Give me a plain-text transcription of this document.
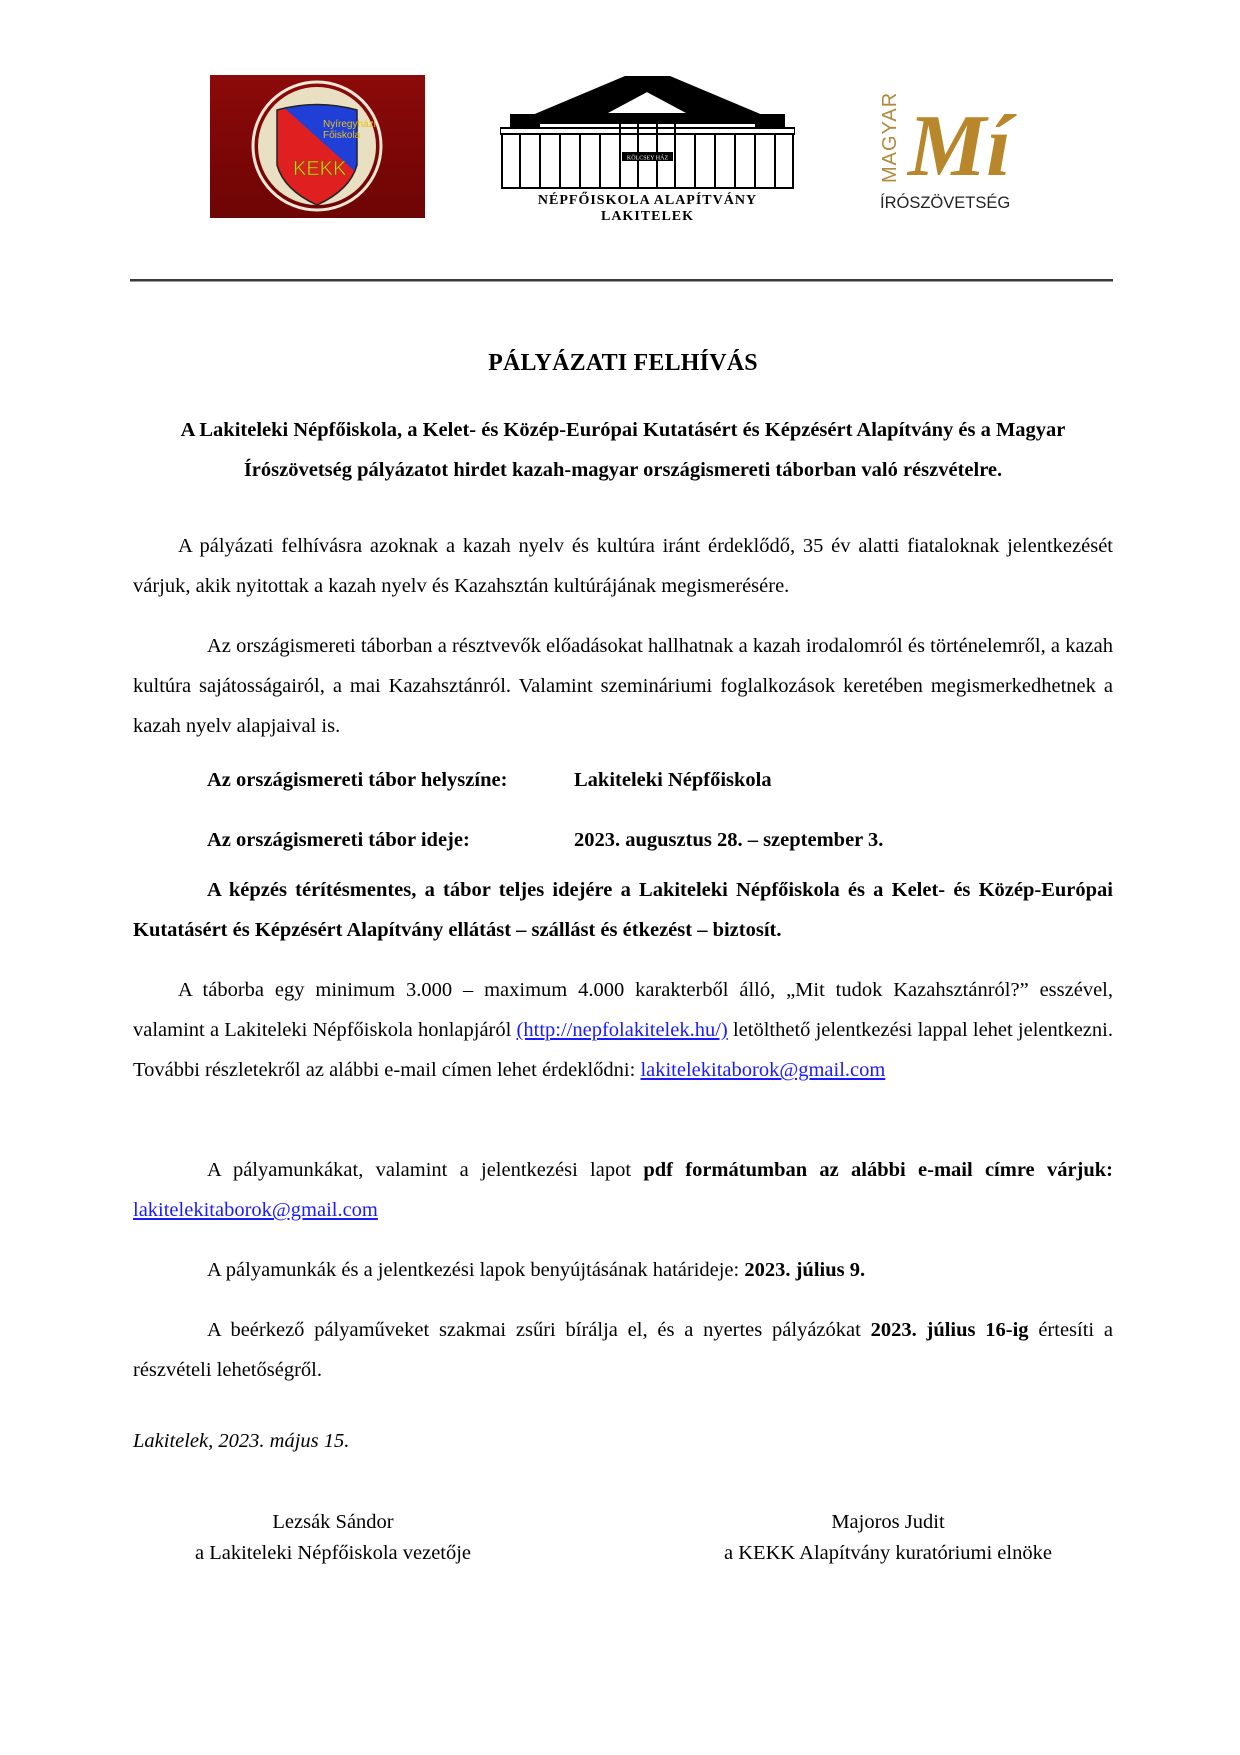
Nyíregyházi
Főiskola
KEKK	KÖLCSEY HÁZ
NÉPFŐISKOLA ALAPÍTVÁNY
LAKITELEK
MAGYAR Mí
ÍRÓSZÖVETSÉG
PÁLYÁZATI FELHÍVÁS
A Lakiteleki Népfőiskola, a Kelet- és Közép-Európai Kutatásért és Képzésért Alapítvány és a Magyar Írószövetség pályázatot hirdet kazah-magyar országismereti táborban való részvételre.
A pályázati felhívásra azoknak a kazah nyelv és kultúra iránt érdeklődő, 35 év alatti fiataloknak jelentkezését várjuk, akik nyitottak a kazah nyelv és Kazahsztán kultúrájának megismerésére.
Az országismereti táborban a résztvevők előadásokat hallhatnak a kazah irodalomról és történelemről, a kazah kultúra sajátosságairól, a mai Kazahsztánról. Valamint szemináriumi foglalkozások keretében megismerkedhetnek a kazah nyelv alapjaival is.
Az országismereti tábor helyszíne:	Lakiteleki Népfőiskola
Az országismereti tábor ideje:	2023. augusztus 28. – szeptember 3.
A képzés térítésmentes, a tábor teljes idejére a Lakiteleki Népfőiskola és a Kelet- és Közép-Európai Kutatásért és Képzésért Alapítvány ellátást – szállást és étkezést – biztosít.
A táborba egy minimum 3.000 – maximum 4.000 karakterből álló, „Mit tudok Kazahsztánról?” esszével, valamint a Lakiteleki Népfőiskola honlapjáról (http://nepfolakitelek.hu/) letölthető jelentkezési lappal lehet jelentkezni. További részletekről az alábbi e-mail címen lehet érdeklődni: lakitelekitaborok@gmail.com
A pályamunkákat, valamint a jelentkezési lapot pdf formátumban az alábbi e-mail címre várjuk: lakitelekitaborok@gmail.com
A pályamunkák és a jelentkezési lapok benyújtásának határideje: 2023. július 9.
A beérkező pályaműveket szakmai zsűri bírálja el, és a nyertes pályázókat 2023. július 16-ig értesíti a részvételi lehetőségről.
Lakitelek, 2023. május 15.
Lezsák Sándor
a Lakiteleki Népfőiskola vezetője
Majoros Judit
a KEKK Alapítvány kuratóriumi elnöke
